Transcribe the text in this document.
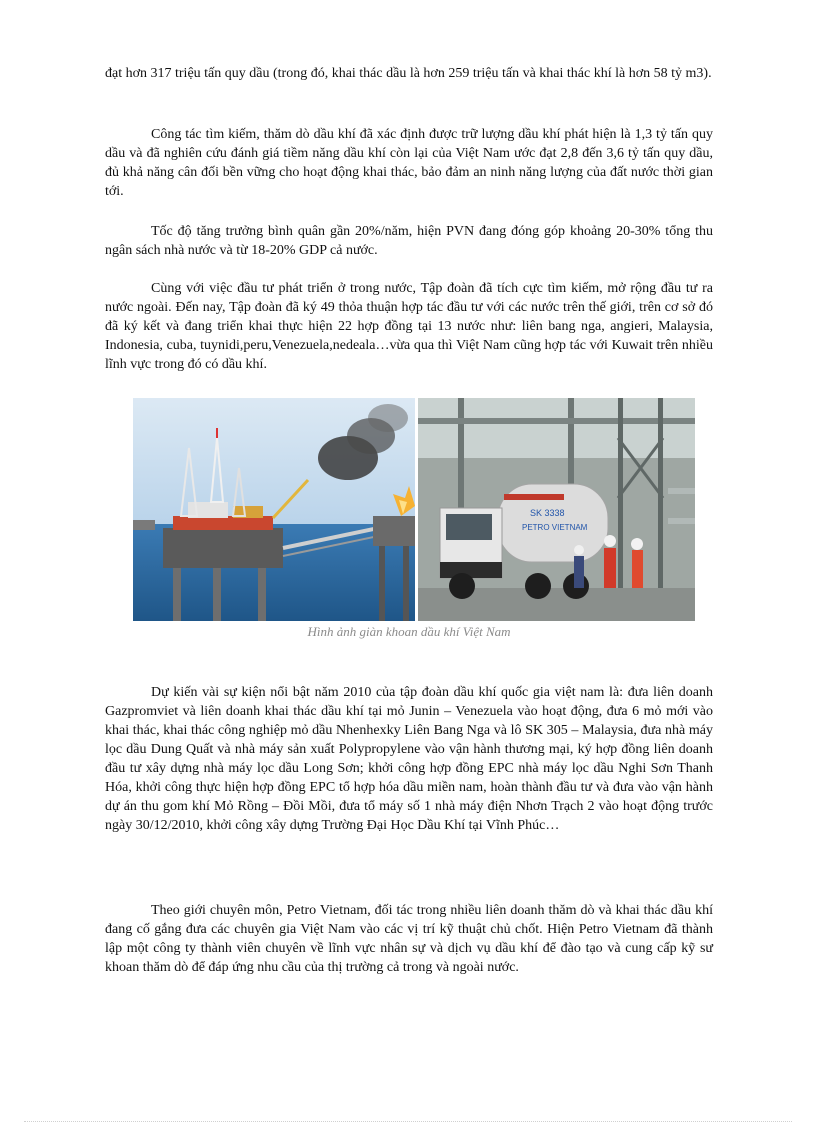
đạt hơn 317 triệu tấn quy dầu (trong đó, khai thác dầu là hơn 259 triệu tấn và khai thác khí là hơn 58 tỷ m3).

Công tác tìm kiếm, thăm dò dầu khí đã xác định được trữ lượng dầu khí phát hiện là 1,3 tỷ tấn quy dầu và đã nghiên cứu đánh giá tiềm năng dầu khí còn lại của Việt Nam ước đạt 2,8 đến 3,6 tỷ tấn quy dầu, đủ khả năng cân đối bền vững cho hoạt động khai thác, bảo đảm an ninh năng lượng của đất nước thời gian tới.

Tốc độ tăng trưởng bình quân gần 20%/năm, hiện PVN đang đóng góp khoảng 20-30% tổng thu ngân sách nhà nước và từ 18-20% GDP cả nước.

Cùng với việc đầu tư phát triển ở trong nước, Tập đoàn đã tích cực tìm kiếm, mở rộng đầu tư ra nước ngoài. Đến nay, Tập đoàn đã ký 49 thỏa thuận hợp tác đầu tư với các nước trên thế giới, trên cơ sở đó đã ký kết và đang triển khai thực hiện 22 hợp đồng tại 13 nước như: liên bang nga, angieri, Malaysia, Indonesia, cuba, tuynidi,peru,Venezuela,nedeala…vừa qua thì Việt Nam cũng hợp tác với Kuwait trên nhiều lĩnh vực trong đó có dầu khí.

SK 3338
PETRO VIETNAM
Hình ảnh giàn khoan dầu khí Việt Nam

Dự kiến vài sự kiện nổi bật năm 2010 của tập đoàn dầu khí quốc gia việt nam là: đưa liên doanh Gazpromviet và liên doanh khai thác dầu khí tại mỏ Junin – Venezuela vào hoạt động, đưa 6 mỏ mới vào khai thác, khai thác công nghiệp mỏ dầu Nhenhexky Liên Bang Nga và lô SK 305 – Malaysia, đưa nhà máy lọc dầu Dung Quất và nhà máy sản xuất Polypropylene vào vận hành thương mại, ký hợp đồng liên doanh đầu tư xây dựng nhà máy lọc dầu Long Sơn; khởi công hợp đồng EPC nhà máy lọc dầu Nghi Sơn Thanh Hóa, khởi công thực hiện hợp đồng EPC tổ hợp hóa dầu miền nam, hoàn thành đầu tư và đưa vào vận hành dự án thu gom khí Mỏ Rồng – Đồi Mồi, đưa tổ máy số 1 nhà máy điện Nhơn Trạch 2 vào hoạt động trước ngày 30/12/2010, khởi công xây dựng Trường Đại Học Dầu Khí tại Vĩnh Phúc…

Theo giới chuyên môn, Petro Vietnam, đối tác trong nhiều liên doanh thăm dò và khai thác dầu khí đang cố gắng đưa các chuyên gia Việt Nam vào các vị trí kỹ thuật chủ chốt. Hiện Petro Vietnam đã thành lập một công ty thành viên chuyên về lĩnh vực nhân sự và dịch vụ dầu khí để đào tạo và cung cấp kỹ sư khoan thăm dò để đáp ứng nhu cầu của thị trường cả trong và ngoài nước.
